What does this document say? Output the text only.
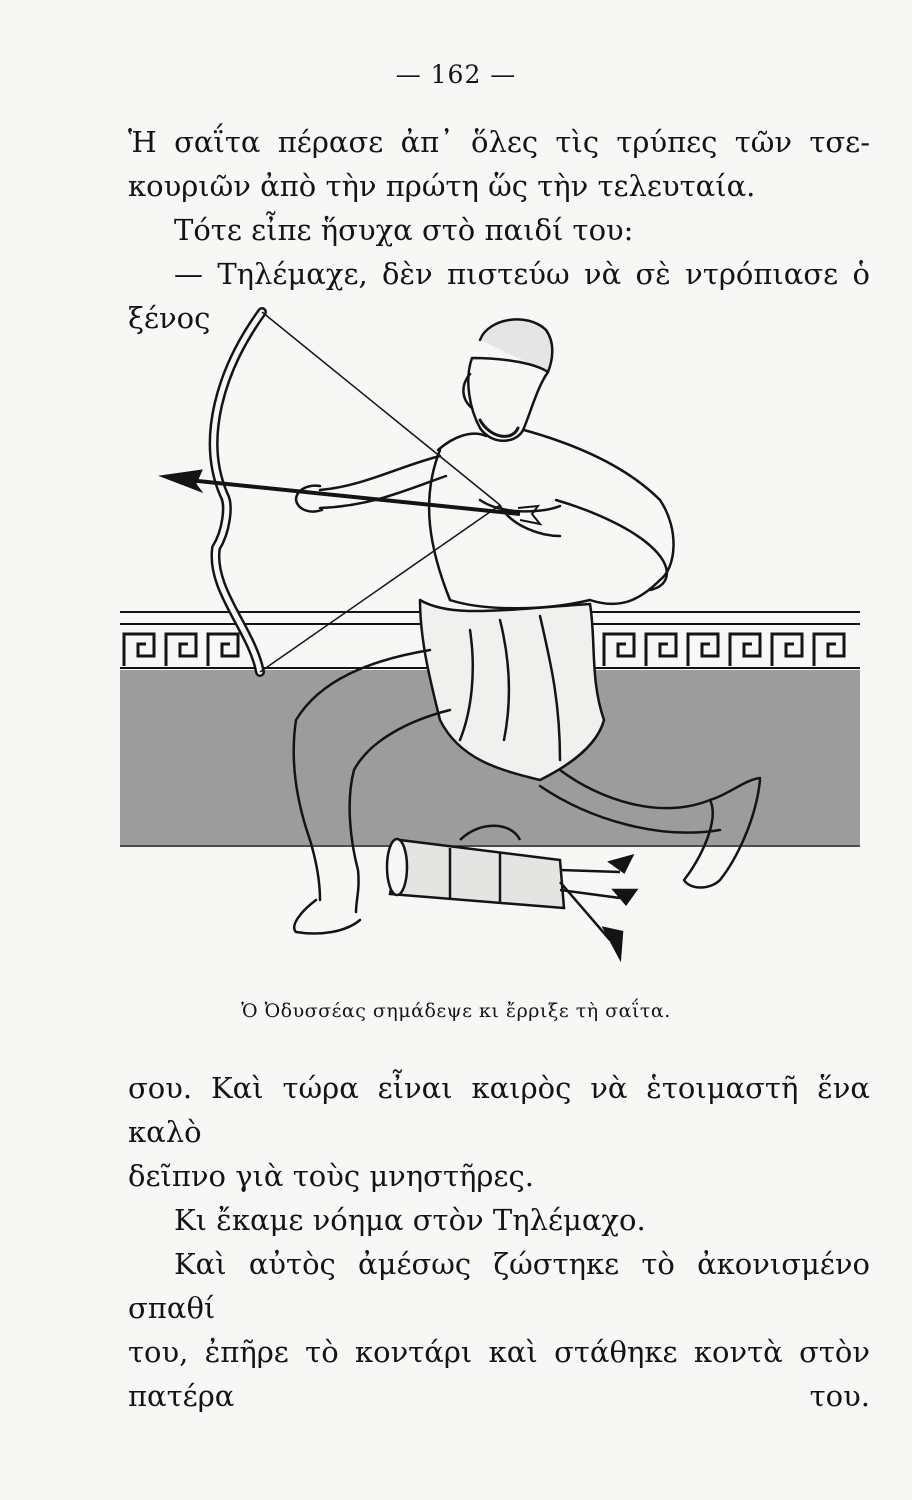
— 162 —

Ἡ σαΐτα πέρασε ἀπ᾽ ὅλες τὶς τρύπες τῶν τσε-

κουριῶν ἀπὸ τὴν πρώτη ὥς τὴν τελευταία.

Τότε εἶπε ἥσυχα στὸ παιδί του:

— Τηλέμαχε, δὲν πιστεύω νὰ σὲ ντρόπιασε ὁ ξένος

Ὁ Ὀδυσσέας σημάδεψε κι ἔρριξε τὴ σαΐτα.

σου. Καὶ τώρα εἶναι καιρὸς νὰ ἑτοιμαστῆ ἕνα καλὸ

δεῖπνο γιὰ τοὺς μνηστῆρες.

Κι ἔκαμε νόημα στὸν Τηλέμαχο.

Καὶ αὐτὸς ἀμέσως ζώστηκε τὸ ἀκονισμένο σπαθί

του, ἐπῆρε τὸ κοντάρι καὶ στάθηκε κοντὰ στὸν πατέρα του.
